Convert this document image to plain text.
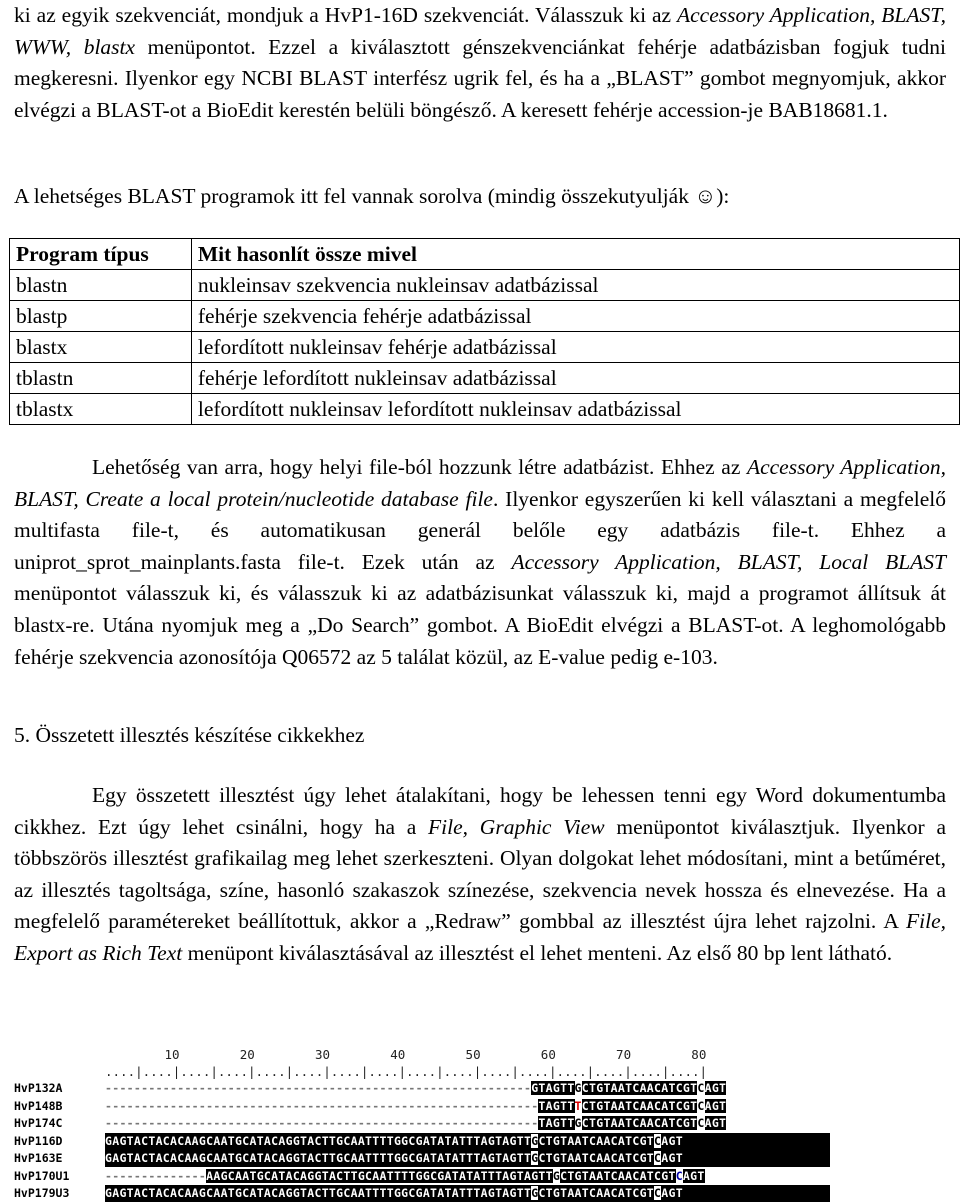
ki az egyik szekvenciát, mondjuk a HvP1-16D szekvenciát. Válasszuk ki az Accessory Application, BLAST, WWW, blastx menüpontot. Ezzel a kiválasztott génszekvenciánkat fehérje adatbázisban fogjuk tudni megkeresni. Ilyenkor egy NCBI BLAST interfész ugrik fel, és ha a „BLAST” gombot megnyomjuk, akkor elvégzi a BLAST-ot a BioEdit kerestén belüli böngésző. A keresett fehérje accession-je BAB18681.1.

A lehetséges BLAST programok itt fel vannak sorolva (mindig összekutyulják ☺):

Program típus	Mit hasonlít össze mivel
blastn	nukleinsav szekvencia nukleinsav adatbázissal
blastp	fehérje szekvencia fehérje adatbázissal
blastx	lefordított nukleinsav fehérje adatbázissal
tblastn	fehérje lefordított nukleinsav adatbázissal
tblastx	lefordított nukleinsav lefordított nukleinsav adatbázissal

Lehetőség van arra, hogy helyi file-ból hozzunk létre adatbázist. Ehhez az Accessory Application, BLAST, Create a local protein/nucleotide database file. Ilyenkor egyszerűen ki kell választani a megfelelő multifasta file-t, és automatikusan generál belőle egy adatbázis file-t. Ehhez a uniprot_sprot_mainplants.fasta file-t. Ezek után az Accessory Application, BLAST, Local BLAST menüpontot válasszuk ki, és válasszuk ki az adatbázisunkat válasszuk ki, majd a programot állítsuk át blastx-re. Utána nyomjuk meg a „Do Search” gombot. A BioEdit elvégzi a BLAST-ot. A leghomológabb fehérje szekvencia azonosítója Q06572 az 5 találat közül, az E-value pedig e-103.

5. Összetett illesztés készítése cikkekhez

Egy összetett illesztést úgy lehet átalakítani, hogy be lehessen tenni egy Word dokumentumba cikkhez. Ezt úgy lehet csinálni, hogy ha a File, Graphic View menüpontot kiválasztjuk. Ilyenkor a többszörös illesztést grafikailag meg lehet szerkeszteni. Olyan dolgokat lehet módosítani, mint a betűméret, az illesztés tagoltsága, színe, hasonló szakaszok színezése, szekvencia nevek hossza és elnevezése. Ha a megfelelő paramétereket beállítottuk, akkor a „Redraw” gombbal az illesztést újra lehet rajzolni. A File, Export as Rich Text menüpont kiválasztásával az illesztést el lehet menteni. Az első 80 bp lent látható.

10        20        30        40        50        60        70        80
....|....|....|....|....|....|....|....|....|....|....|....|....|....|....|....|
HvP132A	-----------------------------------------------------------GTAGTTGCTGTAATCAACATCGTCAGT
HvP148B	------------------------------------------------------------TAGTTTCTGTAATCAACATCGTCAGT
HvP174C	------------------------------------------------------------TAGTTGCTGTAATCAACATCGTCAGT
HvP116D	GAGTACTACACAAGCAATGCATACAGGTACTTGCAATTTTGGCGATATATTTAGTAGTTGCTGTAATCAACATCGTCAGT
HvP163E	GAGTACTACACAAGCAATGCATACAGGTACTTGCAATTTTGGCGATATATTTAGTAGTTGCTGTAATCAACATCGTCAGT
HvP170U1	--------------AAGCAATGCATACAGGTACTTGCAATTTTGGCGATATATTTAGTAGTTGCTGTAATCAACATCGTCAGT
HvP179U3	GAGTACTACACAAGCAATGCATACAGGTACTTGCAATTTTGGCGATATATTTAGTAGTTGCTGTAATCAACATCGTCAGT
